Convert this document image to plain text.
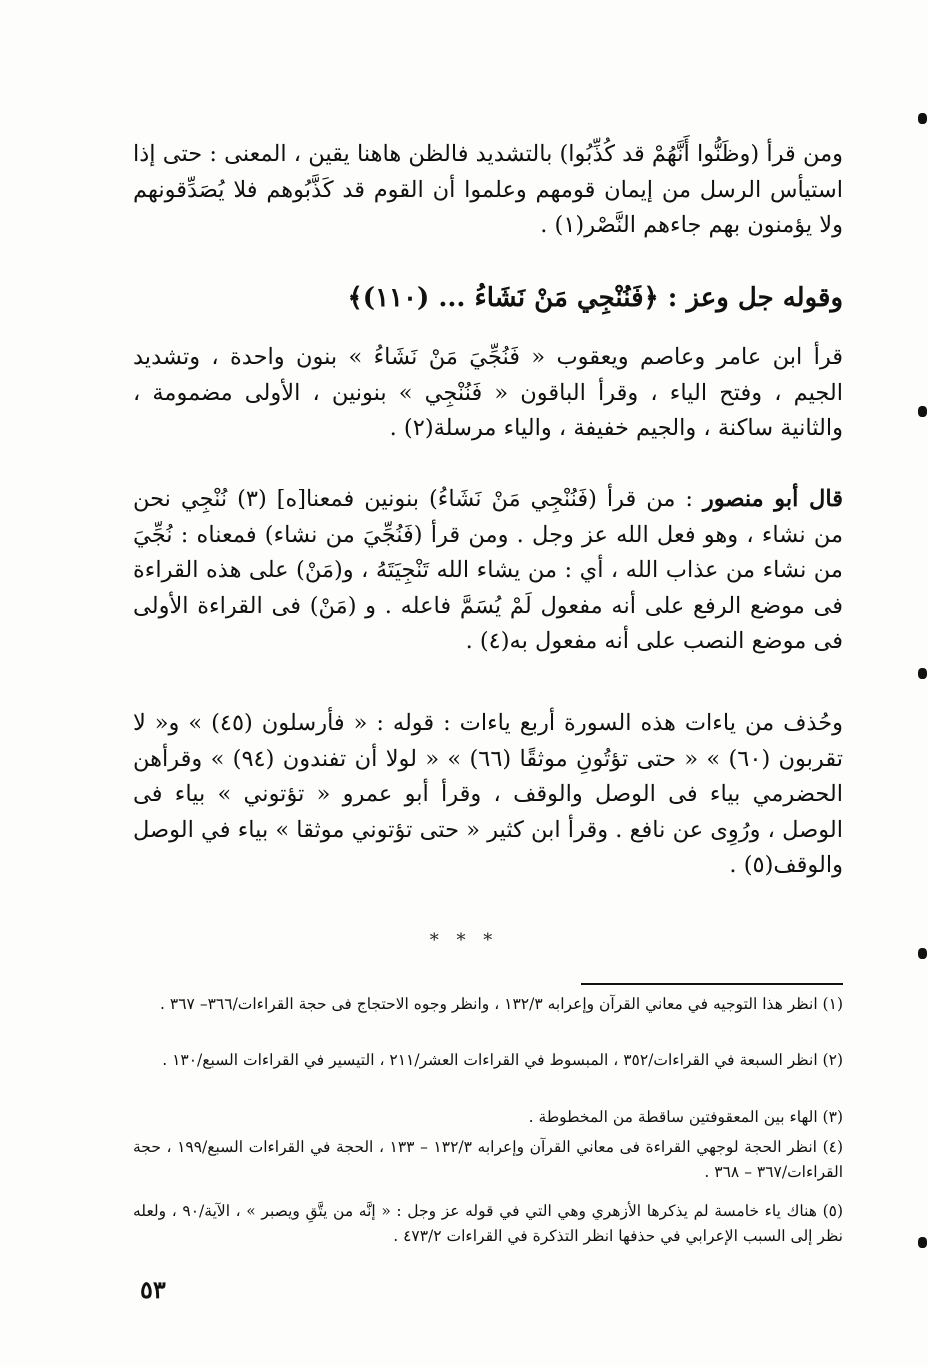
ومن قرأ (وظَنُّوا أَنَّهُمْ قد كُذِّبُوا) بالتشديد فالظن هاهنا يقين ، المعنى : حتى إذا استيأس الرسل من إيمان قومهم وعلموا أن القوم قد كَذَّبُوهم فلا يُصَدِّقونهم ولا يؤمنون بهم جاءهم النَّصْر(١) .

وقوله جل وعز : ﴿فَنُنْجِي مَنْ نَشَاءُ ... (١١٠)﴾

قرأ ابن عامر وعاصم ويعقوب « فَنُجِّيَ مَنْ نَشَاءُ » بنون واحدة ، وتشديد الجيم ، وفتح الياء ، وقرأ الباقون « فَنُنْجِي » بنونين ، الأولى مضمومة ، والثانية ساكنة ، والجيم خفيفة ، والياء مرسلة(٢) .

قال أبو منصور : من قرأ (فَنُنْجِي مَنْ نَشَاءُ) بنونين فمعنا[ه] (٣) نُنْجِي نحن من نشاء ، وهو فعل الله عز وجل . ومن قرأ (فَنُجِّيَ من نشاء) فمعناه : نُجِّيَ من نشاء من عذاب الله ، أي : من يشاء الله تَنْجِيَتَهُ ، و(مَنْ) على هذه القراءة فى موضع الرفع على أنه مفعول لَمْ يُسَمَّ فاعله . و (مَنْ) فى القراءة الأولى فى موضع النصب على أنه مفعول به(٤) .

وحُذف من ياءات هذه السورة أربع ياءات : قوله : « فأرسلون (٤٥) » و« لا تقربون (٦٠) » « حتى تؤتُونِ موثقًا (٦٦) » « لولا أن تفندون (٩٤) » وقرأهن الحضرمي بياء فى الوصل والوقف ، وقرأ أبو عمرو « تؤتوني » بياء فى الوصل ، ورُوِى عن نافع . وقرأ ابن كثير « حتى تؤتوني موثقا » بياء في الوصل والوقف(٥) .

* * *

(١) انظر هذا التوجيه في معاني القرآن وإعرابه ١٣٢/٣ ، وانظر وجوه الاحتجاج فى حجة القراءات/٣٦٦– ٣٦٧ .

(٢) انظر السبعة في القراءات/٣٥٢ ، المبسوط في القراءات العشر/٢١١ ، التيسير في القراءات السبع/١٣٠ .

(٣) الهاء بين المعقوفتين ساقطة من المخطوطة .

(٤) انظر الحجة لوجهي القراءة فى معاني القرآن وإعرابه ١٣٢/٣ – ١٣٣ ، الحجة في القراءات السبع/١٩٩ ، حجة القراءات/٣٦٧ – ٣٦٨ .

(٥) هناك ياء خامسة لم يذكرها الأزهري وهي التي في قوله عز وجل : « إنَّه من يتَّقِ ويصبر » ، الآية/٩٠ ، ولعله نظر إلى السبب الإعرابي في حذفها انظر التذكرة في القراءات ٤٧٣/٢ .

٥٣
